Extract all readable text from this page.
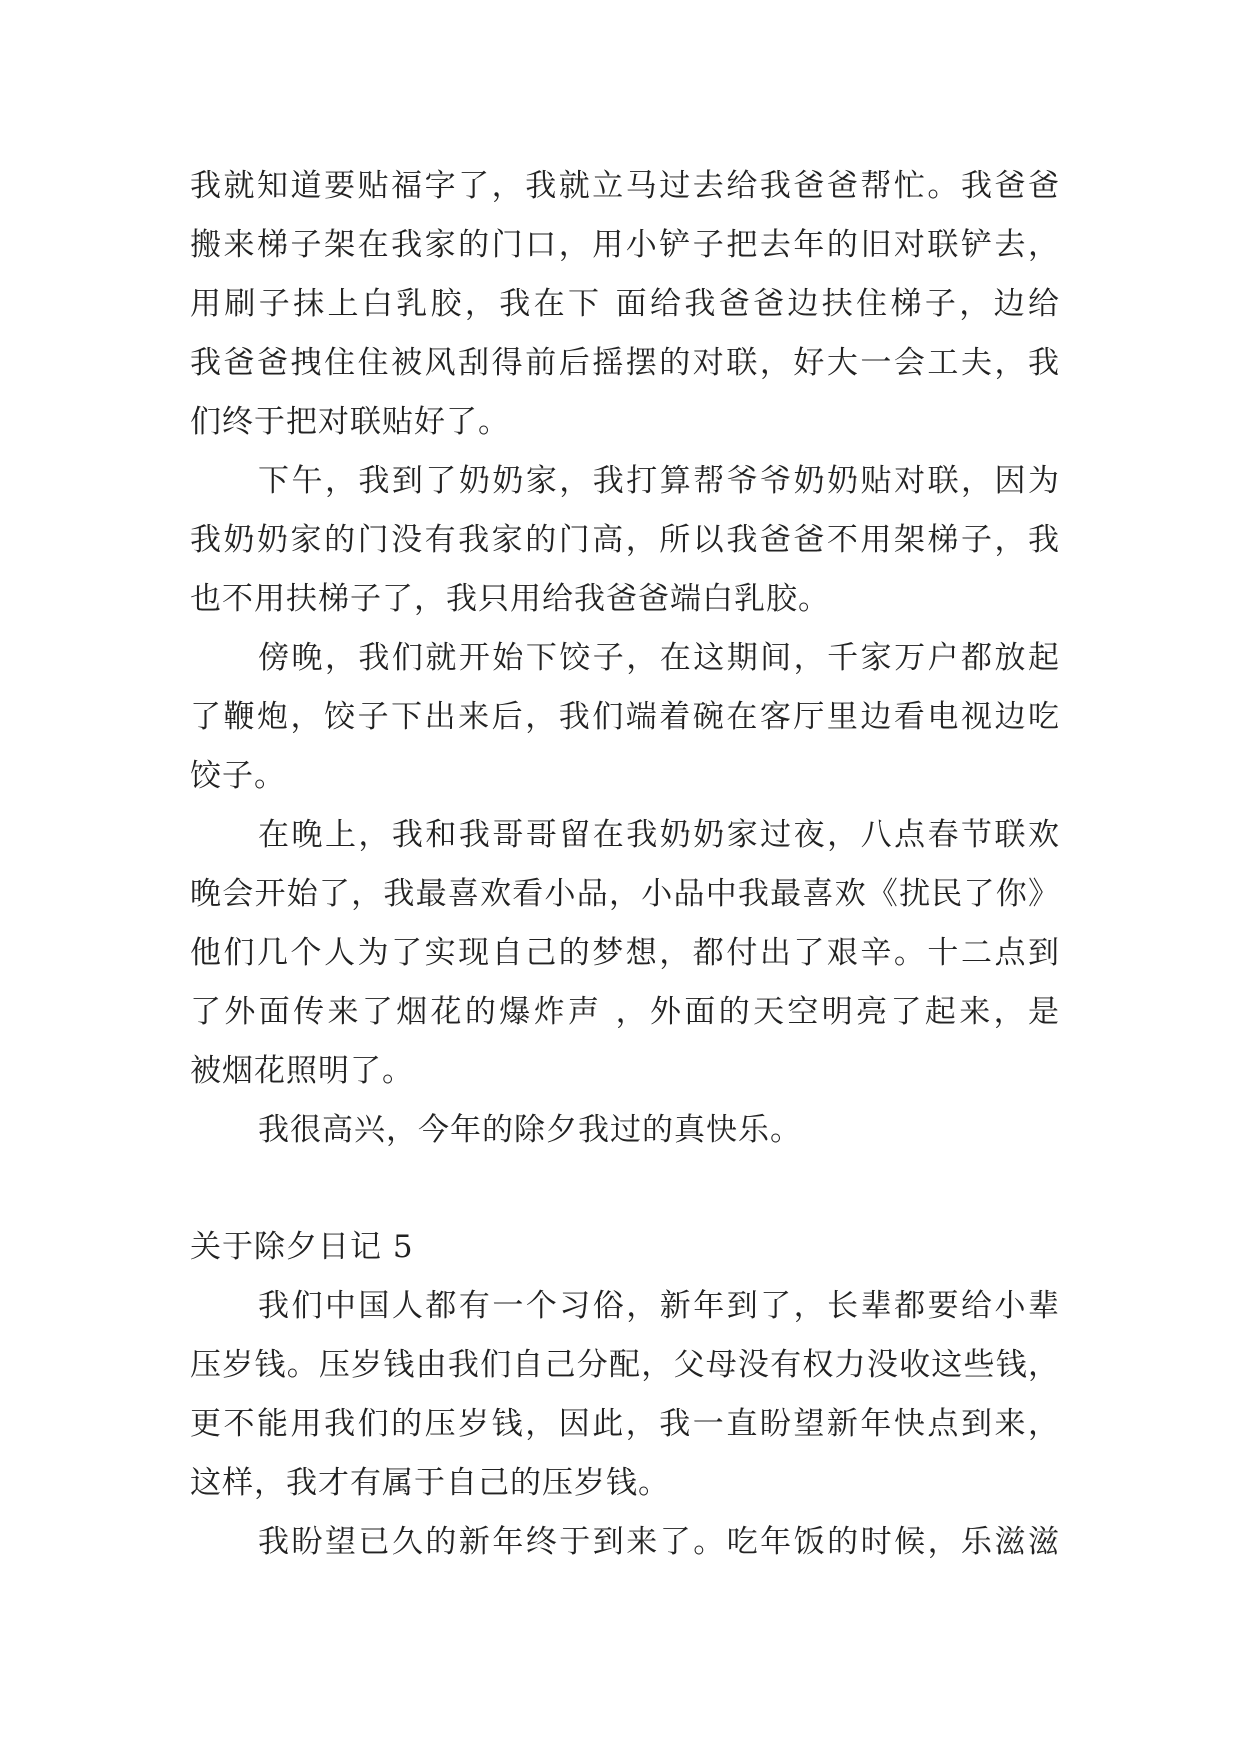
我就知道要贴福字了，我就立马过去给我爸爸帮忙。我爸爸
搬来梯子架在我家的门口，用小铲子把去年的旧对联铲去，
用刷子抹上白乳胶，我在下 面给我爸爸边扶住梯子，边给
我爸爸拽住住被风刮得前后摇摆的对联，好大一会工夫，我
们终于把对联贴好了。
下午，我到了奶奶家，我打算帮爷爷奶奶贴对联，因为
我奶奶家的门没有我家的门高，所以我爸爸不用架梯子，我
也不用扶梯子了，我只用给我爸爸端白乳胶。
傍晚，我们就开始下饺子，在这期间，千家万户都放起
了鞭炮，饺子下出来后，我们端着碗在客厅里边看电视边吃
饺子。
在晚上，我和我哥哥留在我奶奶家过夜，八点春节联欢
晚会开始了，我最喜欢看小品，小品中我最喜欢《扰民了你》
他们几个人为了实现自己的梦想，都付出了艰辛。十二点到
了外面传来了烟花的爆炸声 ，外面的天空明亮了起来，是
被烟花照明了。
我很高兴，今年的除夕我过的真快乐。
关于除夕日记 5
我们中国人都有一个习俗，新年到了，长辈都要给小辈
压岁钱。压岁钱由我们自己分配，父母没有权力没收这些钱，
更不能用我们的压岁钱，因此，我一直盼望新年快点到来，
这样，我才有属于自己的压岁钱。
我盼望已久的新年终于到来了。吃年饭的时候，乐滋滋
